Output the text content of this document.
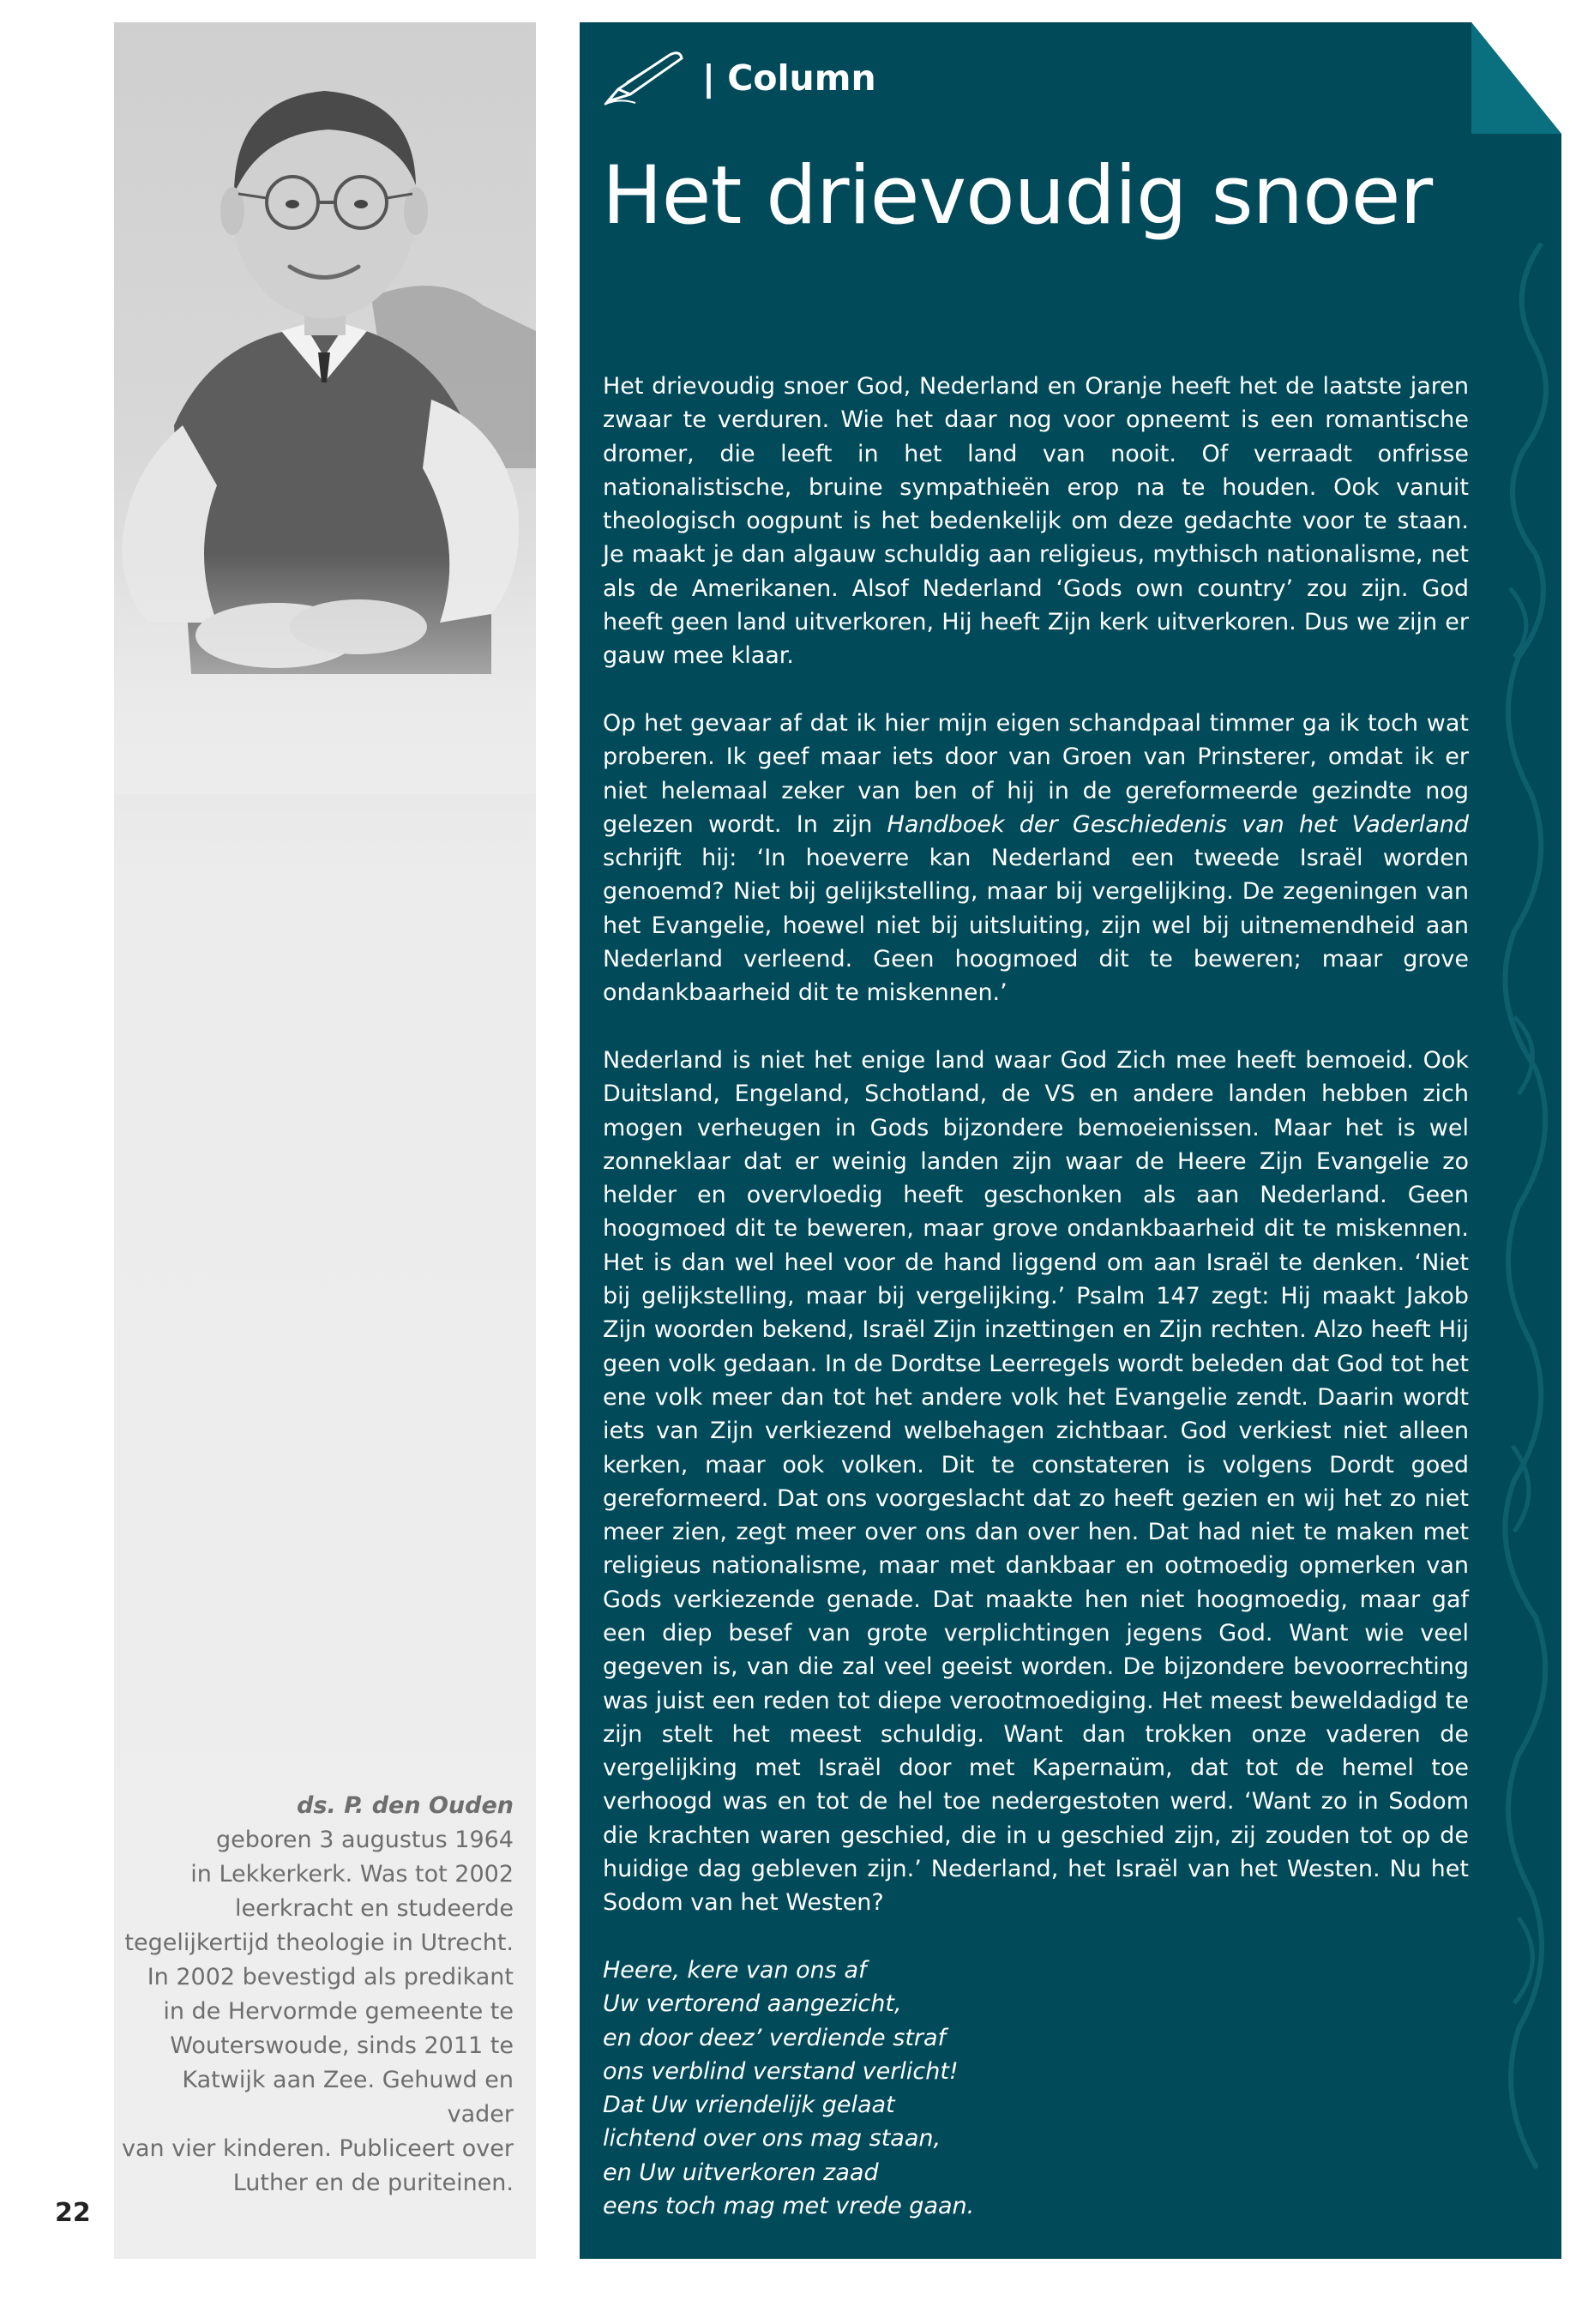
ds. P. den Ouden
geboren 3 augustus 1964
in Lekkerkerk. Was tot 2002
leerkracht en studeerde
tegelijkertijd theologie in Utrecht.
In 2002 bevestigd als predikant
in de Hervormde gemeente te
Wouterswoude, sinds 2011 te
Katwijk aan Zee. Gehuwd en vader
van vier kinderen. Publiceert over
Luther en de puriteinen.
22
| Column
Het drievoudig snoer

Het drievoudig snoer God, Nederland en Oranje heeft het de laatste jaren zwaar te verduren. Wie het daar nog voor opneemt is een romantische dromer, die leeft in het land van nooit. Of verraadt onfrisse nationalistische, bruine sympathieën erop na te houden. Ook vanuit theologisch oogpunt is het bedenkelijk om deze gedachte voor te staan. Je maakt je dan algauw schuldig aan religieus, mythisch nationalisme, net als de Amerikanen. Alsof Nederland ‘Gods own country’ zou zijn. God heeft geen land uitverkoren, Hij heeft Zijn kerk uitverkoren. Dus we zijn er gauw mee klaar.

Op het gevaar af dat ik hier mijn eigen schandpaal timmer ga ik toch wat proberen. Ik geef maar iets door van Groen van Prinsterer, omdat ik er niet helemaal zeker van ben of hij in de gereformeerde gezindte nog gelezen wordt. In zijn Handboek der Geschiedenis van het Vaderland schrijft hij: ‘In hoeverre kan Nederland een tweede Israël worden genoemd? Niet bij gelijkstelling, maar bij vergelijking. De zegeningen van het Evangelie, hoewel niet bij uitsluiting, zijn wel bij uitnemendheid aan Nederland verleend. Geen hoogmoed dit te beweren; maar grove ondankbaarheid dit te miskennen.’

Nederland is niet het enige land waar God Zich mee heeft bemoeid. Ook Duitsland, Engeland, Schotland, de VS en andere landen hebben zich mogen verheugen in Gods bijzondere bemoeienissen. Maar het is wel zonneklaar dat er weinig landen zijn waar de Heere Zijn Evangelie zo helder en overvloedig heeft geschonken als aan Nederland. Geen hoogmoed dit te beweren, maar grove ondankbaarheid dit te miskennen. Het is dan wel heel voor de hand liggend om aan Israël te denken. ‘Niet bij gelijkstelling, maar bij vergelijking.’ Psalm 147 zegt: Hij maakt Jakob Zijn woorden bekend, Israël Zijn inzettingen en Zijn rechten. Alzo heeft Hij geen volk gedaan. In de Dordtse Leerregels wordt beleden dat God tot het ene volk meer dan tot het andere volk het Evangelie zendt. Daarin wordt iets van Zijn verkiezend welbehagen zichtbaar. God verkiest niet alleen kerken, maar ook volken. Dit te constateren is volgens Dordt goed gereformeerd. Dat ons voorgeslacht dat zo heeft gezien en wij het zo niet meer zien, zegt meer over ons dan over hen. Dat had niet te maken met religieus nationalisme, maar met dankbaar en ootmoedig opmerken van Gods verkiezende genade. Dat maakte hen niet hoogmoedig, maar gaf een diep besef van grote verplichtingen jegens God. Want wie veel gegeven is, van die zal veel geeist worden. De bijzondere bevoorrechting was juist een reden tot diepe verootmoediging. Het meest beweldadigd te zijn stelt het meest schuldig. Want dan trokken onze vaderen de vergelijking met Israël door met Kapernaüm, dat tot de hemel toe verhoogd was en tot de hel toe nedergestoten werd. ‘Want zo in Sodom die krachten waren geschied, die in u geschied zijn, zij zouden tot op de huidige dag gebleven zijn.’ Nederland, het Israël van het Westen. Nu het Sodom van het Westen?

Heere, kere van ons af
Uw vertorend aangezicht,
en door deez’ verdiende straf
ons verblind verstand verlicht!
Dat Uw vriendelijk gelaat
lichtend over ons mag staan,
en Uw uitverkoren zaad
eens toch mag met vrede gaan.

(Valerius)
